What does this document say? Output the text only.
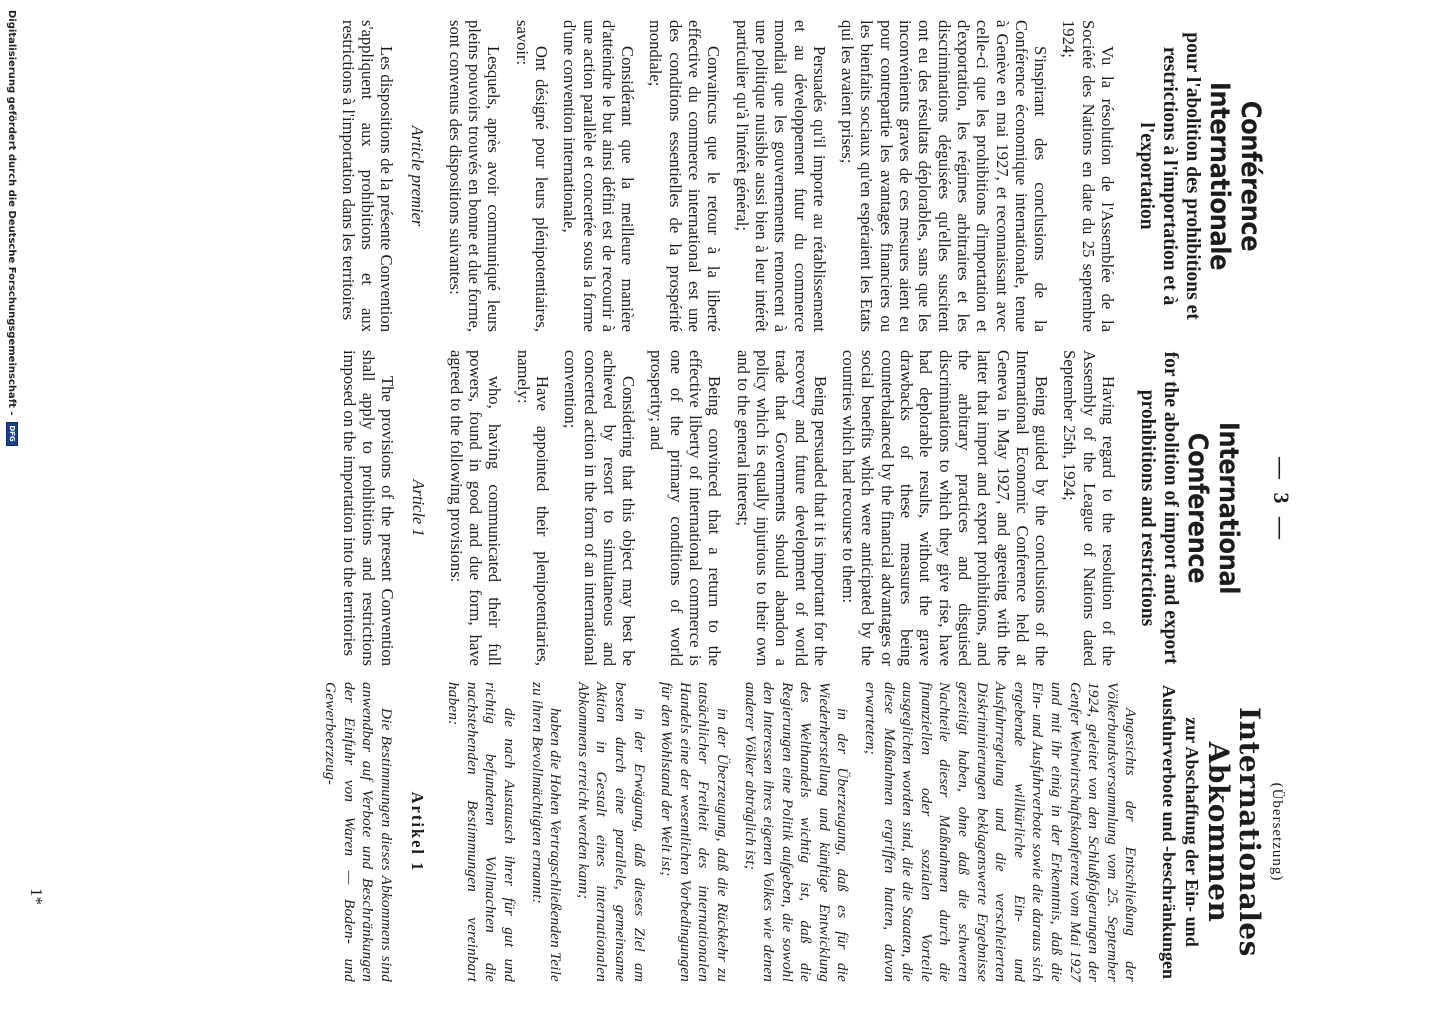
— 3 —
Conférence
Internationale
pour l'abolition des prohibitions et restrictions à l'importation et à l'exportation

Vu la résolution de l'Assemblée de la Société des Nations en date du 25 septembre 1924;

S'inspirant des conclusions de la Conférence économique internationale, tenue à Genève en mai 1927, et reconnaissant avec celle-ci que les prohibitions d'importation et d'exportation, les régimes arbitraires et les discriminations déguisées qu'elles suscitent ont eu des résultats déplorables, sans que les inconvénients graves de ces mesures aient eu pour contrepartie les avantages financiers ou les bienfaits sociaux qu'en espéraient les Etats qui les avaient prises;

Persuadés qu'il importe au rétablissement et au développement futur du commerce mondial que les gouvernements renoncent à une politique nuisible aussi bien à leur intérêt particulier qu'à l'intérêt général;

Convaincus que le retour à la liberté effective du commerce international est une des conditions essentielles de la prospérité mondiale;

Considérant que la meilleure manière d'atteindre le but ainsi défini est de recourir à une action parallèle et concertée sous la forme d'une convention internationale,

Ont désigné pour leurs plénipotentiaires, savoir:

Lesquels, après avoir communiqué leurs pleins pouvoirs trouvés en bonne et due forme, sont convenus des dispositions suivantes:

Article premier

Les dispositions de la présente Convention s'appliquent aux prohibitions et aux restrictions à l'importation dans les territoires

International
Conference
for the abolition of import and export prohibitions and restrictions

Having regard to the resolution of the Assembly of the League of Nations dated September 25th, 1924;

Being guided by the conclusions of the International Economic Conference held at Geneva in May 1927, and agreeing with the latter that import and export prohibitions, and the arbitrary practices and disguised discriminations to which they give rise, have had deplorable results, without the grave drawbacks of these measures being counterbalanced by the financial advantages or social benefits which were anticipated by the countries which had recourse to them:

Being persuaded that it is important for the recovery and future development of world trade that Governments should abandon a policy which is equally injurious to their own and to the general interest;

Being convinced that a return to the effective liberty of international commerce is one of the primary conditions of world prosperity; and

Considering that this object may best be achieved by resort to simultaneous and concerted action in the form of an international convention;

Have appointed their plenipotentiaries, namely:

who, having communicated their full powers, found in good and due form, have agreed to the following provisions:

Article 1

The provisions of the present Convention shall apply to prohibitions and restrictions imposed on the importation into the territories

(Übersetzung)
Internationales
Abkommen
zur Abschaffung der Ein- und Ausfuhrverbote und -beschränkungen

Angesichts der Entschließung der Völkerbundsversammlung vom 25. September 1924, geleitet von den Schlußfolgerungen der Genfer Weltwirtschaftskonferenz vom Mai 1927 und mit ihr einig in der Erkenntnis, daß die Ein- und Ausfuhrverbote sowie die daraus sich ergebende willkürliche Ein- und Ausfuhrregelung und die verschleierten Diskriminierungen beklagenswerte Ergebnisse gezeitigt haben, ohne daß die schweren Nachteile dieser Maßnahmen durch die finanziellen oder sozialen Vorteile ausgeglichen worden sind, die die Staaten, die diese Maßnahmen ergriffen hatten, davon erwarteten;

in der Überzeugung, daß es für die Wiederherstellung und künftige Entwicklung des Welthandels wichtig ist, daß die Regierungen eine Politik aufgeben, die sowohl den Interessen ihres eigenen Volkes wie denen anderer Völker abträglich ist;

in der Überzeugung, daß die Rückkehr zu tatsächlicher Freiheit des internationalen Handels eine der wesentlichen Vorbedingungen für den Wohlstand der Welt ist;

in der Erwägung, daß dieses Ziel am besten durch eine parallele, gemeinsame Aktion in Gestalt eines internationalen Abkommens erreicht werden kann;

haben die Hohen Vertragschließenden Teile zu ihren Bevollmächtigten ernannt:

die nach Austausch ihrer für gut und richtig befundenen Vollmachten die nachstehenden Bestimmungen vereinbart haben:

Artikel 1

Die Bestimmungen dieses Abkommens sind anwendbar auf Verbote und Beschränkungen der Einfuhr von Waren — Boden- und Gewerbeerzeug-

1*
Digitalisierung gefördert durch die Deutsche Forschungsgemeinschaft -
DFG
